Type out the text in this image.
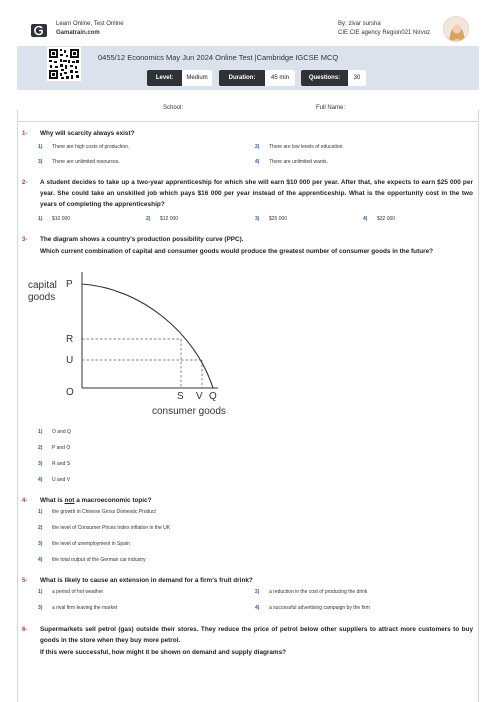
Learn Online, Test Online
Gamatrain.com
By: zivar sursha
CIE CIE agency Region021 Nirvoz
0455/12 Economics May Jun 2024 Online Test |Cambridge IGCSE MCQ
Level:	Medium	Duration:	45 min	Questions:	30
School:	Full Name:
1- Why will scarcity always exist?
1) There are high costs of production.	2) There are low levels of education.
3) There are unlimited resources.	4) There are unlimited wants.
2- A student decides to take up a two-year apprenticeship for which she will earn $10 000 per year. After that, she expects to earn $25 000 per year. She could take an unskilled job which pays $16 000 per year instead of the apprenticeship. What is the opportunity cost in the two years of completing the apprenticeship?
1) $10 000	2) $12 000	3) $25 000	4) $32 000
3- The diagram shows a country's production possibility curve (PPC).
Which current combination of capital and consumer goods would produce the greatest number of consumer goods in the future?
capital
goods
P
R
U
O	S V Q
consumer goods
1) O and Q
2) P and O
3) R and S
4) U and V
4- What is not a macroeconomic topic?
1) the growth in Chinese Gross Domestic Product
2) the level of Consumer Prices Index inflation in the UK
3) the level of unemployment in Spain
4) the total output of the German car industry
5- What is likely to cause an extension in demand for a firm's fruit drink?
1) a period of hot weather	2) a reduction in the cost of producing the drink
3) a rival firm leaving the market	4) a successful advertising campaign by the firm
6- Supermarkets sell petrol (gas) outside their stores. They reduce the price of petrol below other suppliers to attract more customers to buy goods in the store when they buy more petrol.
If this were successful, how might it be shown on demand and supply diagrams?
